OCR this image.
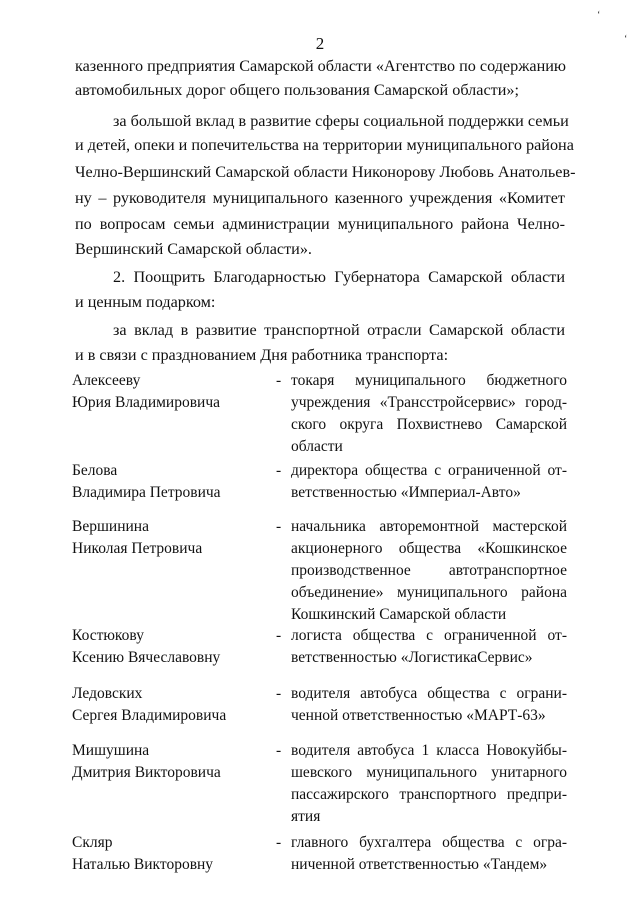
‘
‘
2
казенного предприятия Самарской области «Агентство по содержанию
автомобильных дорог общего пользования Самарской области»;
за большой вклад в развитие сферы социальной поддержки семьи
и детей, опеки и попечительства на территории муниципального района
Челно-Вершинский Самарской области Никонорову Любовь Анатольев-
ну – руководителя муниципального казенного учреждения «Комитет
по вопросам семьи администрации муниципального района Челно-
Вершинский Самарской области».
2. Поощрить Благодарностью Губернатора Самарской области
и ценным подарком:
за вклад в развитие транспортной отрасли Самарской области
и в связи с празднованием Дня работника транспорта:
Алексееву
Юрия Владимировича
- токаря муниципального бюджетного
учреждения «Трансстройсервис» город-
ского округа Похвистнево Самарской
области
Белова
Владимира Петровича
- директора общества с ограниченной от-
ветственностью «Империал-Авто»
Вершинина
Николая Петровича
- начальника авторемонтной мастерской
акционерного общества «Кошкинское
производственное автотранспортное
объединение» муниципального района
Кошкинский Самарской области
Костюкову
Ксению Вячеславовну
- логиста общества с ограниченной от-
ветственностью «ЛогистикаСервис»
Ледовских
Сергея Владимировича
- водителя автобуса общества с ограни-
ченной ответственностью «МАРТ-63»
Мишушина
Дмитрия Викторовича
- водителя автобуса 1 класса Новокуйбы-
шевского муниципального унитарного
пассажирского транспортного предпри-
ятия
Скляр
Наталью Викторовну
- главного бухгалтера общества с огра-
ниченной ответственностью «Тандем»
